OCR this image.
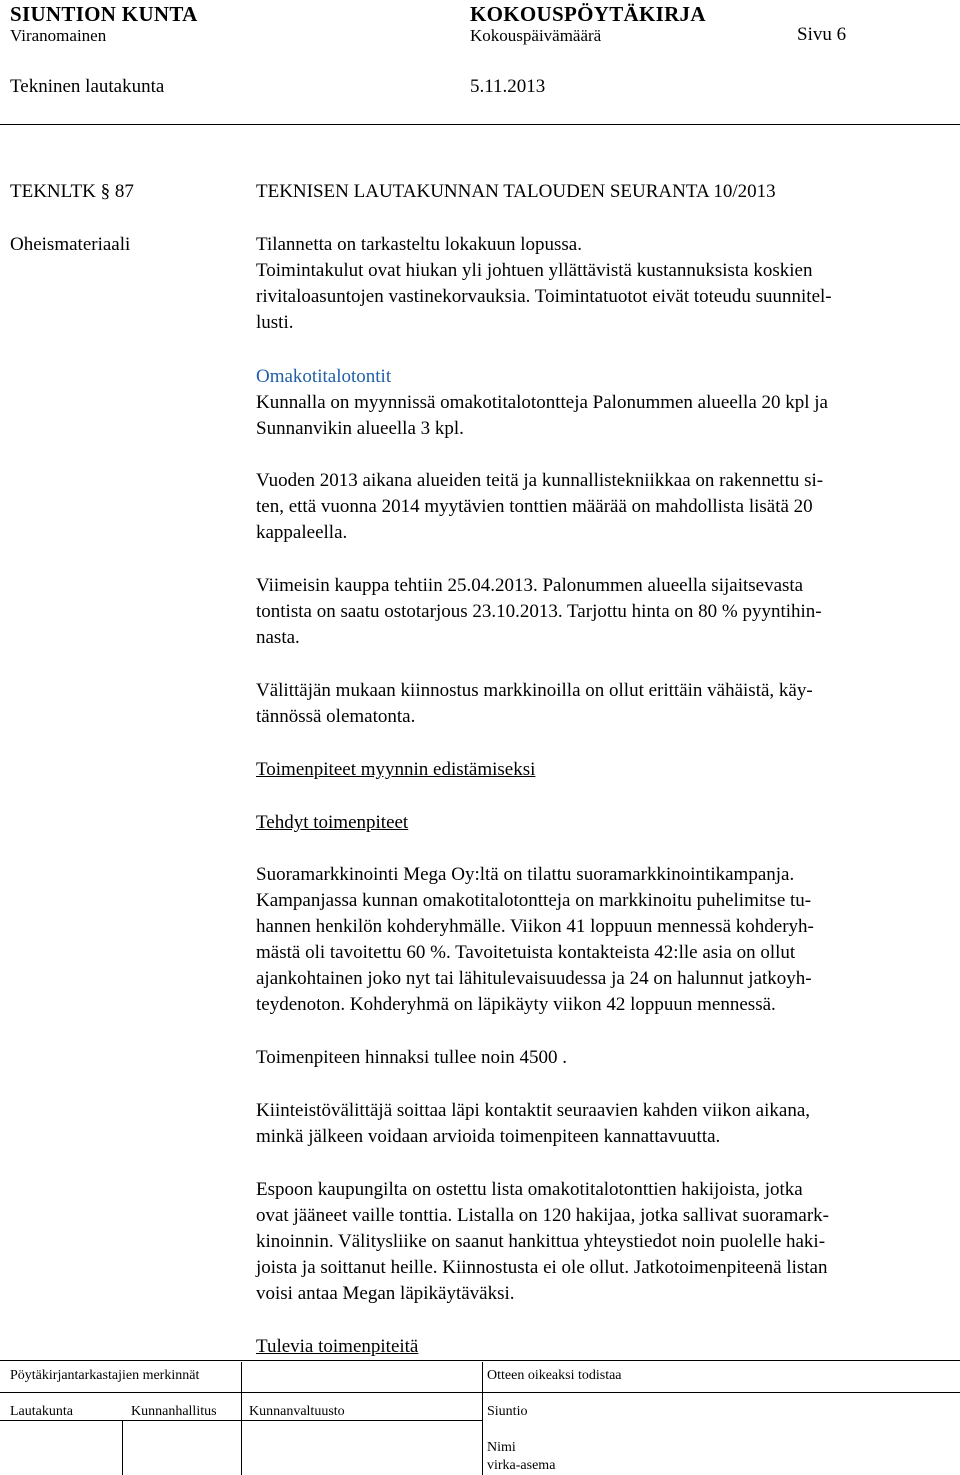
SIUNTION KUNTA	KOKOUSPÖYTÄKIRJA
Viranomainen	Kokouspäivämäärä	Sivu 6
Tekninen lautakunta	5.11.2013
TEKNLTK § 87	TEKNISEN LAUTAKUNNAN TALOUDEN SEURANTA 10/2013
Oheismateriaali	Tilannetta on tarkasteltu lokakuun lopussa.
Toimintakulut ovat hiukan yli johtuen yllättävistä kustannuksista koskien
rivitaloasuntojen vastinekorvauksia. Toimintatuotot eivät toteudu suunnitel-
lusti.
Omakotitalotontit
Kunnalla on myynnissä omakotitalotontteja Palonummen alueella 20 kpl ja
Sunnanvikin alueella 3 kpl.
Vuoden 2013 aikana alueiden teitä ja kunnallistekniikkaa on rakennettu si-
ten, että vuonna 2014 myytävien tonttien määrää on mahdollista lisätä 20
kappaleella.
Viimeisin kauppa tehtiin 25.04.2013. Palonummen alueella sijaitsevasta
tontista on saatu ostotarjous 23.10.2013. Tarjottu hinta on 80 % pyyntihin-
nasta.
Välittäjän mukaan kiinnostus markkinoilla on ollut erittäin vähäistä, käy-
tännössä olematonta.
Toimenpiteet myynnin edistämiseksi
Tehdyt toimenpiteet
Suoramarkkinointi Mega Oy:ltä on tilattu suoramarkkinointikampanja.
Kampanjassa kunnan omakotitalotontteja on markkinoitu puhelimitse tu-
hannen henkilön kohderyhmälle. Viikon 41 loppuun mennessä kohderyh-
mästä oli tavoitettu 60 %. Tavoitetuista kontakteista 42:lle asia on ollut
ajankohtainen joko nyt tai lähitulevaisuudessa ja 24 on halunnut jatkoyh-
teydenoton. Kohderyhmä on läpikäyty viikon 42 loppuun mennessä.
Toimenpiteen hinnaksi tullee noin 4500 .
Kiinteistövälittäjä soittaa läpi kontaktit seuraavien kahden viikon aikana,
minkä jälkeen voidaan arvioida toimenpiteen kannattavuutta.
Espoon kaupungilta on ostettu lista omakotitalotonttien hakijoista, jotka
ovat jääneet vaille tonttia. Listalla on 120 hakijaa, jotka sallivat suoramark-
kinoinnin. Välitysliike on saanut hankittua yhteystiedot noin puolelle haki-
joista ja soittanut heille. Kiinnostusta ei ole ollut. Jatkotoimenpiteenä listan
voisi antaa Megan läpikäytäväksi.
Tulevia toimenpiteitä
Pöytäkirjantarkastajien merkinnät	Otteen oikeaksi todistaa
Lautakunta	Kunnanhallitus Kunnanvaltuusto	Siuntio
Nimi
virka-asema
